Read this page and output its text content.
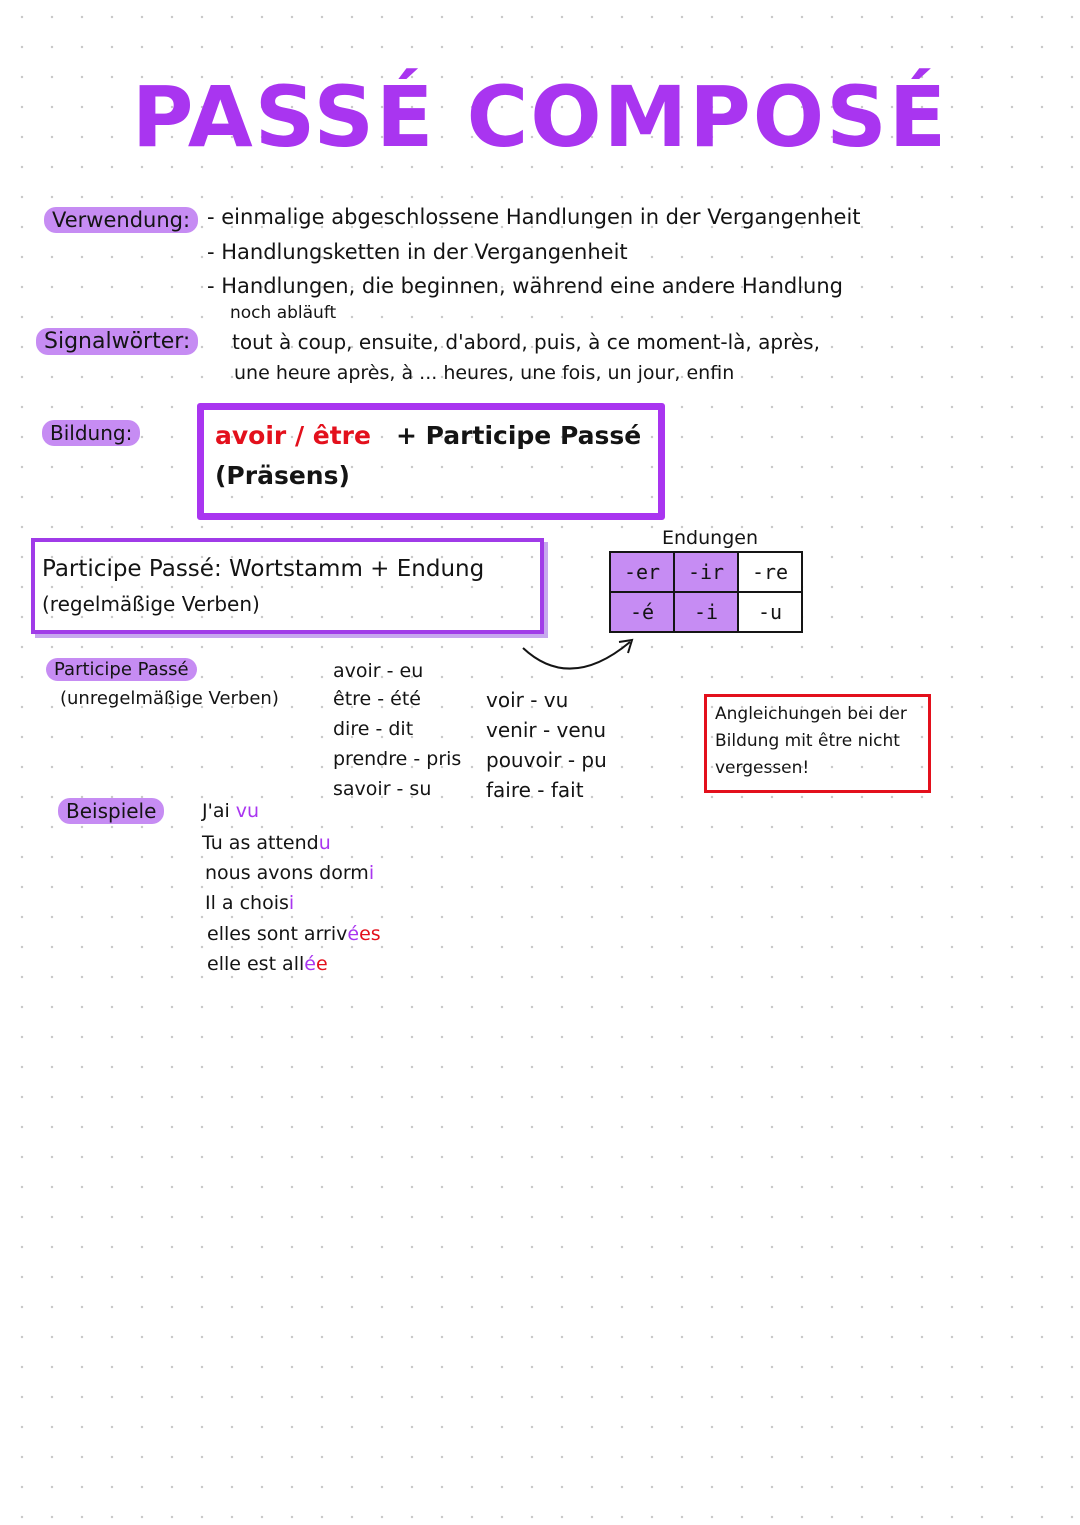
PASSÉ COMPOSÉ
Verwendung: - einmalige abgeschlossene Handlungen in der Vergangenheit
- Handlungsketten in der Vergangenheit
- Handlungen, die beginnen, während eine andere Handlung
noch abläuft
Signalwörter:	tout à coup, ensuite, d'abord, puis, à ce moment-là, après,
une heure après, à ... heures, une fois, un jour, enfin
Bildung:	avoir / être + Participe Passé
(Präsens)
Participe Passé: Wortstamm + Endung
(regelmäßige Verben)
Endungen
-er	-ir	-re
-é	-i	-u
Participe Passé
(unregelmäßige Verben)
avoir - eu
être - été
dire - dit
prendre - pris
savoir - su
voir - vu
venir - venu
pouvoir - pu
faire - fait
Angleichungen bei der Bildung mit être nicht vergessen!
Beispiele	J'ai vu
Tu as attendu
nous avons dormi
Il a choisi
elles sont arrivées
elle est allée
